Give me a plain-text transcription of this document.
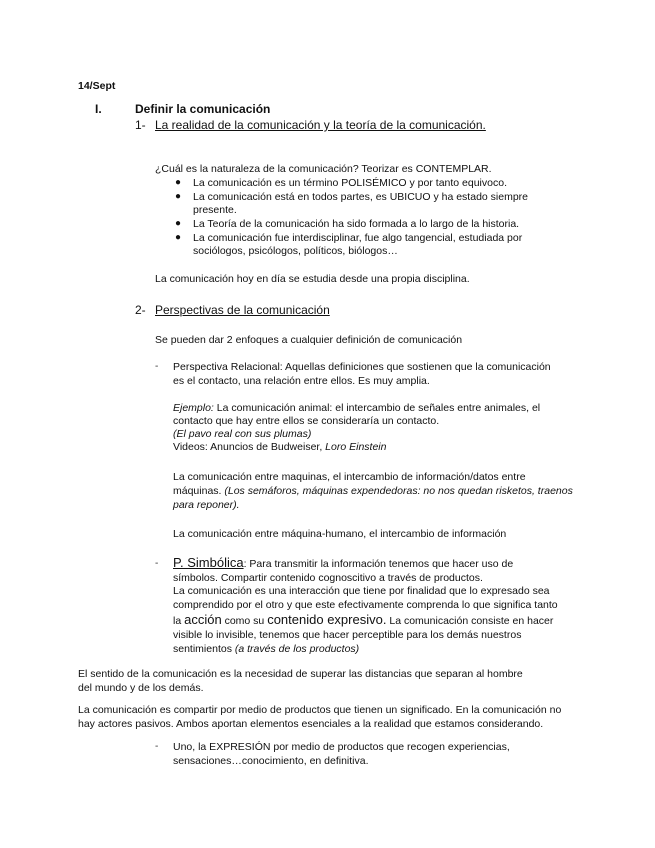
14/Sept
I.	Definir la comunicación
1- La realidad de la comunicación y la teoría de la comunicación.
¿Cuál es la naturaleza de la comunicación? Teorizar es CONTEMPLAR.
● La comunicación es un término POLISÉMICO y por tanto equivoco.
● La comunicación está en todos partes, es UBICUO y ha estado siempre
presente.
● La Teoría de la comunicación ha sido formada a lo largo de la historia.
● La comunicación fue interdisciplinar, fue algo tangencial, estudiada por
sociólogos, psicólogos, políticos, biólogos…
La comunicación hoy en día se estudia desde una propia disciplina.
2- Perspectivas de la comunicación
Se pueden dar 2 enfoques a cualquier definición de comunicación
- Perspectiva Relacional: Aquellas definiciones que sostienen que la comunicación
es el contacto, una relación entre ellos. Es muy amplia.
Ejemplo: La comunicación animal: el intercambio de señales entre animales, el
contacto que hay entre ellos se consideraría un contacto.
(El pavo real con sus plumas)
Videos: Anuncios de Budweiser, Loro Einstein
La comunicación entre maquinas, el intercambio de información/datos entre
máquinas. (Los semáforos, máquinas expendedoras: no nos quedan risketos, traenos
para reponer).
La comunicación entre máquina-humano, el intercambio de información
- P. Simbólica: Para transmitir la información tenemos que hacer uso de
símbolos. Compartir contenido cognoscitivo a través de productos.
La comunicación es una interacción que tiene por finalidad que lo expresado sea
comprendido por el otro y que este efectivamente comprenda lo que significa tanto
la acción como su contenido expresivo. La comunicación consiste en hacer
visible lo invisible, tenemos que hacer perceptible para los demás nuestros
sentimientos (a través de los productos)
El sentido de la comunicación es la necesidad de superar las distancias que separan al hombre
del mundo y de los demás.
La comunicación es compartir por medio de productos que tienen un significado. En la comunicación no
hay actores pasivos. Ambos aportan elementos esenciales a la realidad que estamos considerando.
- Uno, la EXPRESIÓN por medio de productos que recogen experiencias,
sensaciones…conocimiento, en definitiva.
